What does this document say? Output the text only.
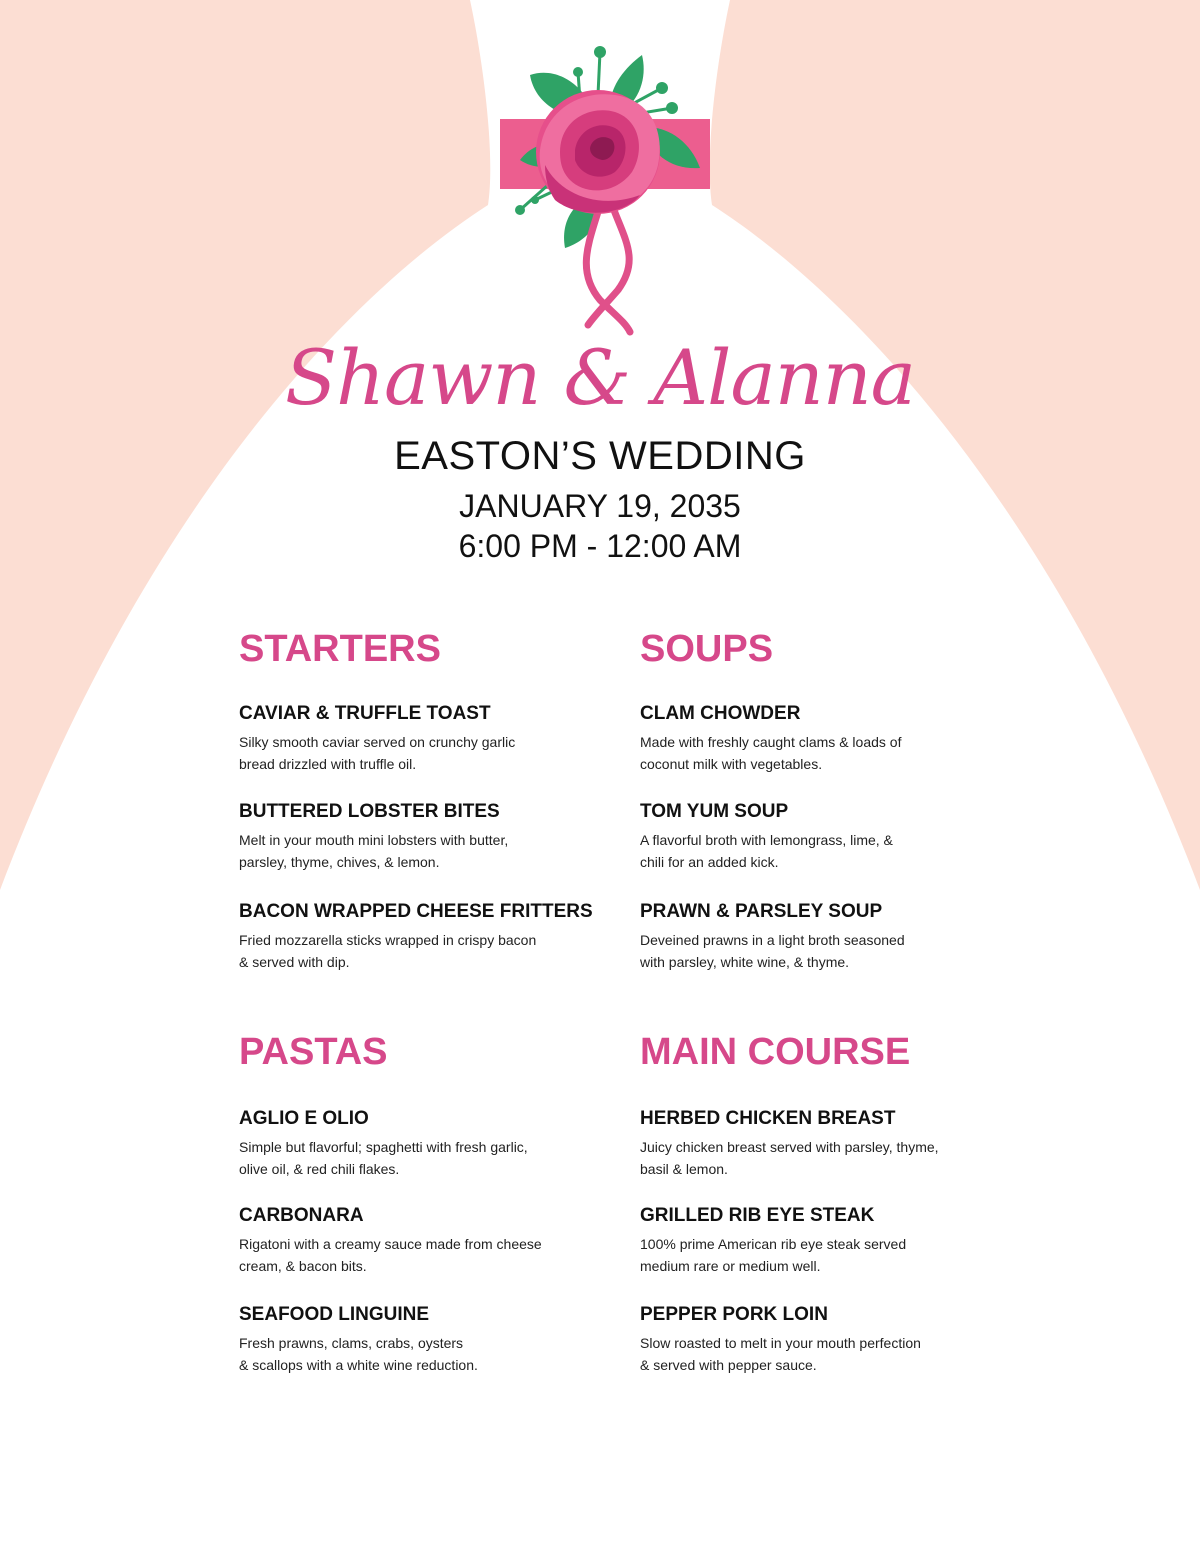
Shawn & Alanna
EASTON’S WEDDING
JANUARY 19, 2035
6:00 PM - 12:00 AM
STARTERS
CAVIAR & TRUFFLE TOAST
Silky smooth caviar served on crunchy garlic
bread drizzled with truffle oil.
BUTTERED LOBSTER BITES
Melt in your mouth mini lobsters with butter,
parsley, thyme, chives, & lemon.
BACON WRAPPED CHEESE FRITTERS
Fried mozzarella sticks wrapped in crispy bacon
& served with dip.
SOUPS
CLAM CHOWDER
Made with freshly caught clams & loads of
coconut milk with vegetables.
TOM YUM SOUP
A flavorful broth with lemongrass, lime, &
chili for an added kick.
PRAWN & PARSLEY SOUP
Deveined prawns in a light broth seasoned
with parsley, white wine, & thyme.
PASTAS
AGLIO E OLIO
Simple but flavorful; spaghetti with fresh garlic,
olive oil, & red chili flakes.
CARBONARA
Rigatoni with a creamy sauce made from cheese
cream, & bacon bits.
SEAFOOD LINGUINE
Fresh prawns, clams, crabs, oysters
& scallops with a white wine reduction.
MAIN COURSE
HERBED CHICKEN BREAST
Juicy chicken breast served with parsley, thyme,
basil & lemon.
GRILLED RIB EYE STEAK
100% prime American rib eye steak served
medium rare or medium well.
PEPPER PORK LOIN
Slow roasted to melt in your mouth perfection
& served with pepper sauce.
